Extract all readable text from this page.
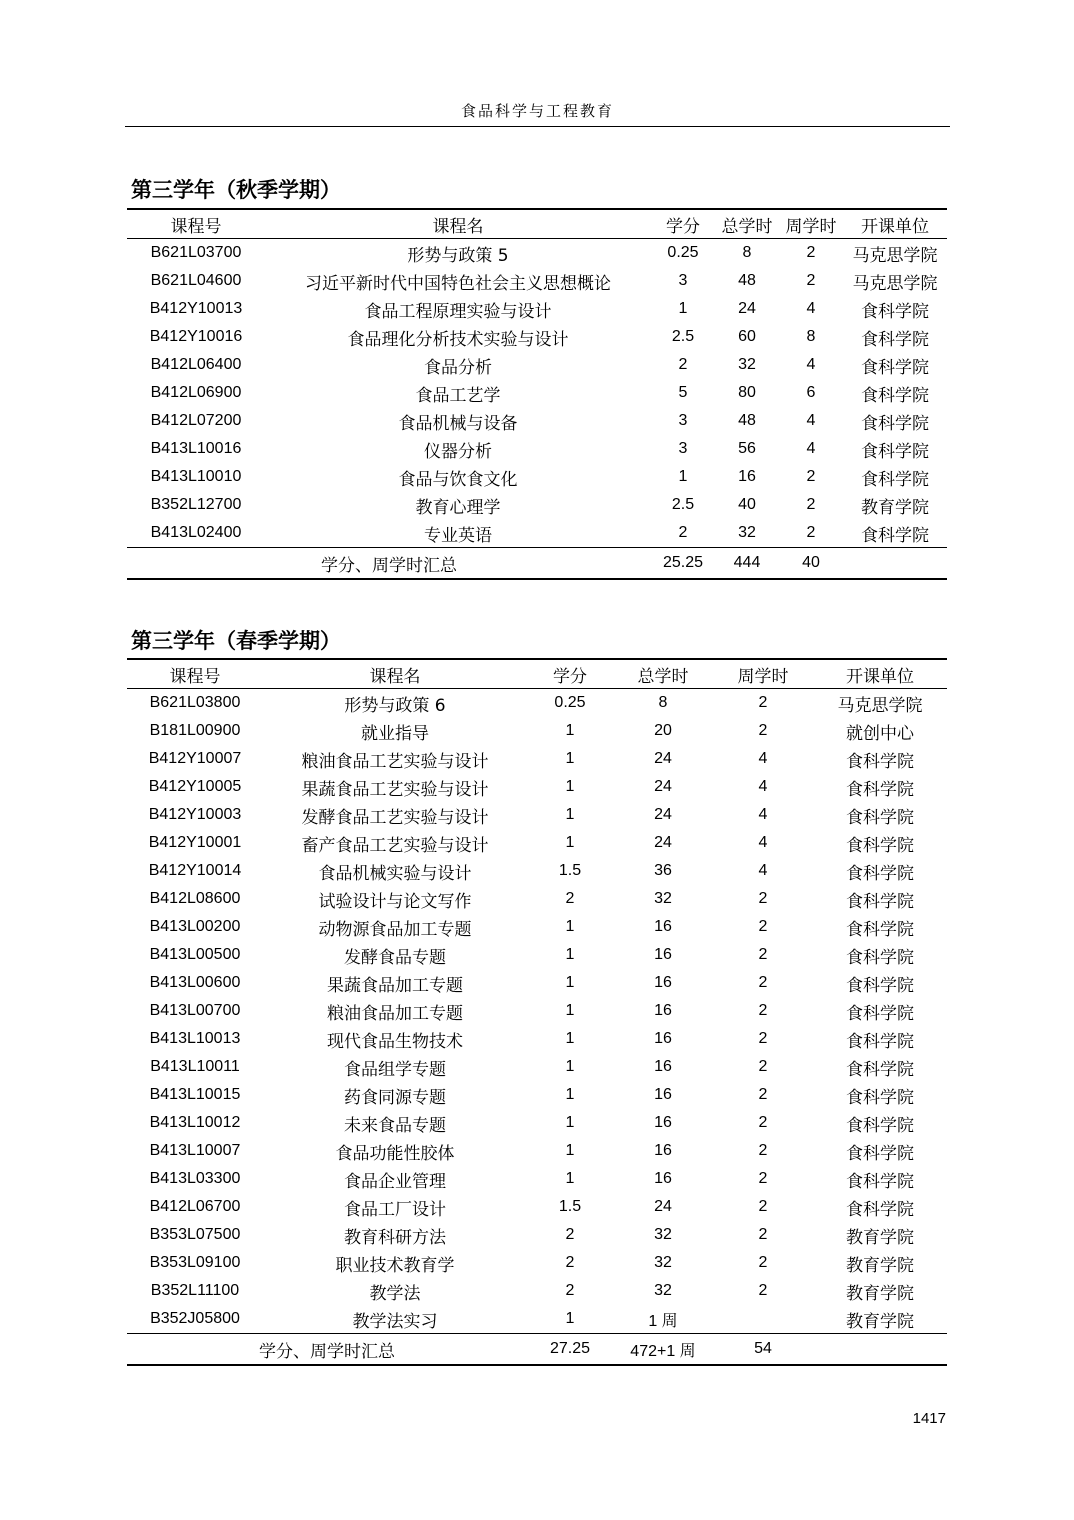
食品科学与工程教育
第三学年（秋季学期）
课程号	课程名	学分	总学时	周学时	开课单位
B621L03700	形势与政策 5	0.25	8	2	马克思学院
B621L04600	习近平新时代中国特色社会主义思想概论	3	48	2	马克思学院
B412Y10013	食品工程原理实验与设计	1	24	4	食科学院
B412Y10016	食品理化分析技术实验与设计	2.5	60	8	食科学院
B412L06400	食品分析	2	32	4	食科学院
B412L06900	食品工艺学	5	80	6	食科学院
B412L07200	食品机械与设备	3	48	4	食科学院
B413L10016	仪器分析	3	56	4	食科学院
B413L10010	食品与饮食文化	1	16	2	食科学院
B352L12700	教育心理学	2.5	40	2	教育学院
B413L02400	专业英语	2	32	2	食科学院
学分、周学时汇总		25.25	444	40	
第三学年（春季学期）
课程号	课程名	学分	总学时	周学时	开课单位
B621L03800	形势与政策 6	0.25	8	2	马克思学院
B181L00900	就业指导	1	20	2	就创中心
B412Y10007	粮油食品工艺实验与设计	1	24	4	食科学院
B412Y10005	果蔬食品工艺实验与设计	1	24	4	食科学院
B412Y10003	发酵食品工艺实验与设计	1	24	4	食科学院
B412Y10001	畜产食品工艺实验与设计	1	24	4	食科学院
B412Y10014	食品机械实验与设计	1.5	36	4	食科学院
B412L08600	试验设计与论文写作	2	32	2	食科学院
B413L00200	动物源食品加工专题	1	16	2	食科学院
B413L00500	发酵食品专题	1	16	2	食科学院
B413L00600	果蔬食品加工专题	1	16	2	食科学院
B413L00700	粮油食品加工专题	1	16	2	食科学院
B413L10013	现代食品生物技术	1	16	2	食科学院
B413L10011	食品组学专题	1	16	2	食科学院
B413L10015	药食同源专题	1	16	2	食科学院
B413L10012	未来食品专题	1	16	2	食科学院
B413L10007	食品功能性胶体	1	16	2	食科学院
B413L03300	食品企业管理	1	16	2	食科学院
B412L06700	食品工厂设计	1.5	24	2	食科学院
B353L07500	教育科研方法	2	32	2	教育学院
B353L09100	职业技术教育学	2	32	2	教育学院
B352L11100	教学法	2	32	2	教育学院
B352J05800	教学法实习	1	1 周		教育学院
学分、周学时汇总		27.25	472+1 周	54	
1417
